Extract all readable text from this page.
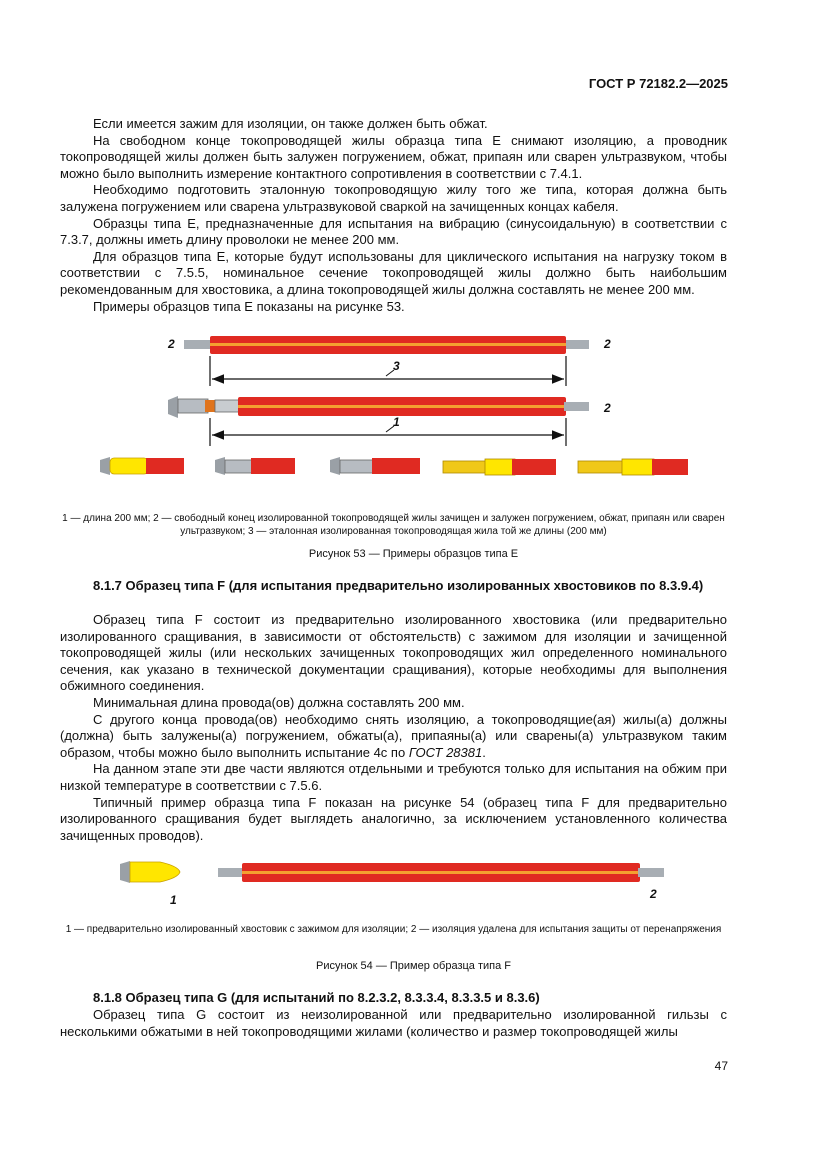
ГОСТ Р 72182.2—2025

Если имеется зажим для изоляции, он также должен быть обжат.

На свободном конце токопроводящей жилы образца типа Е снимают изоляцию, а проводник токопроводящей жилы должен быть залужен погружением, обжат, припаян или сварен ультразвуком, чтобы можно было выполнить измерение контактного сопротивления в соответствии с 7.4.1.

Необходимо подготовить эталонную токопроводящую жилу того же типа, которая должна быть залужена погружением или сварена ультразвуковой сваркой на зачищенных концах кабеля.

Образцы типа Е, предназначенные для испытания на вибрацию (синусоидальную) в соответствии с 7.3.7, должны иметь длину проволоки не менее 200 мм.

Для образцов типа Е, которые будут использованы для циклического испытания на нагрузку током в соответствии с 7.5.5, номинальное сечение токопроводящей жилы должно быть наибольшим рекомендованным для хвостовика, а длина токопроводящей жилы должна составлять не менее 200 мм.

Примеры образцов типа Е показаны на рисунке 53.

2	2
3
2
1
1 — длина 200 мм; 2 — свободный конец изолированной токопроводящей жилы зачищен и залужен погружением, обжат, припаян или сварен ультразвуком; 3 — эталонная изолированная токопроводящая жила той же длины (200 мм)
Рисунок 53 — Примеры образцов типа Е
8.1.7 Образец типа F (для испытания предварительно изолированных хвостовиков по 8.3.9.4)

Образец типа F состоит из предварительно изолированного хвостовика (или предварительно изолированного сращивания, в зависимости от обстоятельств) с зажимом для изоляции и зачищенной токопроводящей жилы (или нескольких зачищенных токопроводящих жил определенного номинального сечения, как указано в технической документации сращивания), которые необходимы для выполнения обжимного соединения.

Минимальная длина провода(ов) должна составлять 200 мм.

С другого конца провода(ов) необходимо снять изоляцию, а токопроводящие(ая) жилы(а) должны (должна) быть залужены(а) погружением, обжаты(а), припаяны(а) или сварены(а) ультразвуком таким образом, чтобы можно было выполнить испытание 4с по ГОСТ 28381.

На данном этапе эти две части являются отдельными и требуются только для испытания на обжим при низкой температуре в соответствии с 7.5.6.

Типичный пример образца типа F показан на рисунке 54 (образец типа F для предварительно изолированного сращивания будет выглядеть аналогично, за исключением установленного количества зачищенных проводов).

1	2
1 — предварительно изолированный хвостовик с зажимом для изоляции; 2 — изоляция удалена для испытания защиты от перенапряжения
Рисунок 54 — Пример образца типа F
8.1.8 Образец типа G (для испытаний по 8.2.3.2, 8.3.3.4, 8.3.3.5 и 8.3.6)

Образец типа G состоит из неизолированной или предварительно изолированной гильзы с несколькими обжатыми в ней токопроводящими жилами (количество и размер токопроводящей жилы

47
